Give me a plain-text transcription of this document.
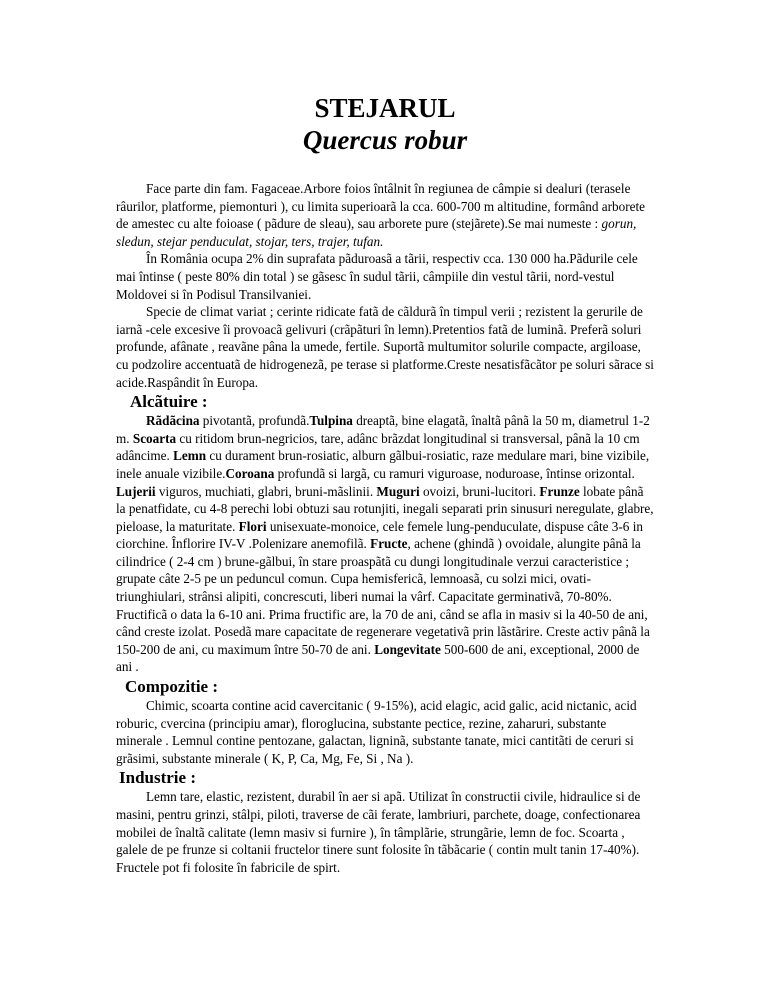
STEJARUL
Quercus robur

Face parte din fam. Fagaceae.Arbore foios întâlnit în regiunea de câmpie si dealuri (terasele râurilor, platforme, piemonturi ), cu limita superioarã la cca. 600-700 m altitudine, formând arborete de amestec cu alte foioase ( pãdure de sleau), sau arborete pure (stejãrete).Se mai numeste : gorun, sledun, stejar penducul​at, stojar, ters, trajer, tufan.

În România ocupa 2% din suprafata pãduroasã a tãrii, respectiv cca. 130 000 ha.Pãdurile cele mai întinse ( peste 80% din total ) se gãsesc în sudul tãrii, câmpiile din vestul tãrii, nord-vestul Moldovei si în Podisul Transilvaniei.

Specie de climat variat ; cerinte ridicate fatã de cãldurã în timpul verii ; rezistent la gerurile de iarnã -cele excesive îi provoacã gelivuri (crãpãturi în lemn).Pretentios fatã de luminã. Preferã soluri profunde, afânate , reavãne pâna la umede, fertile. Suportã multumitor solurile compacte, argiloase, cu podzolire accentuatã de hidrogenezã, pe terase si platforme.Creste nesatisfãcãtor pe soluri sãrace si acide.Raspândit în Europa.

Alcãtuire :

Rãdãcina pivotantã, profundã.Tulpina dreaptã, bine elagatã, înaltã pânã la 50 m, diametrul 1-2 m. Scoarta cu ritidom brun-negricios, tare, adânc brãzdat longitudinal si transversal, pânã la 10 cm adâncime. Lemn cu durament brun-rosiatic, alburn gãlbui-rosiatic, raze medulare mari, bine vizibile, inele anuale vizibile.Coroana profundã si largã, cu ramuri viguroase, noduroase, întinse orizontal. Lujerii viguros, muchiati, glabri, bruni-mãslinii. Muguri ovoizi, bruni-lucitori. Frunze lobate pânã la penatfidate, cu 4-8 perechi lobi obtuzi sau rotunjiti, inegali separati prin sinusuri neregulate, glabre, pieloase, la maturitate. Flori unisexuate-monoice, cele femele lung-penduculate, dispuse câte 3-6 in ciorchine. Înflorire IV-V .Polenizare anemofilã. Fructe, achene (ghindã ) ovoidale, alungite pânã la cilindrice ( 2-4 cm ) brune-gãlbui, în stare proaspãtã cu dungi longitudinale verzui caracteristice ; grupate câte 2-5 pe un peduncul comun. Cupa hemisfericã, lemnoasã, cu solzi mici, ovati-triunghiulari, strânsi alipiti, concrescuti, liberi numai la vârf. Capacitate germinativã, 70-80%. Fructificã o data la 6-10 ani. Prima fructific are, la 70 de ani, când se afla in masiv si la 40-50 de ani, când creste izolat. Posedã mare capacitate de regenerare vegetativã prin lãstãrire. Creste activ pânã la 150-200 de ani, cu maximum între 50-70 de ani. Longevitate 500-600 de ani, exceptional, 2000 de ani .

Compozitie :

Chimic, scoarta contine acid cavercitanic ( 9-15%), acid elagic, acid galic, acid nictanic, acid roburic, cvercina (principiu amar), floroglucina, substante pectice, rezine, zaharuri, substante minerale . Lemnul contine pentozane, galactan, ligninã, substante tanate, mici cantitãti de ceruri si grãsimi, substante minerale ( K, P, Ca, Mg, Fe, Si , Na ).

Industrie :

Lemn tare, elastic, rezistent, durabil în aer si apã. Utilizat în constructii civile, hidraulice si de masini, pentru grinzi, stâlpi, piloti, traverse de cãi ferate, lambriuri, parchete, doage, confectionarea mobilei de înaltã calitate (lemn masiv si furnire ), în tâmplãrie, strungãrie, lemn de foc. Scoarta , galele de pe frunze si coltanii fructelor tinere sunt folosite în tãbãcarie ( contin mult tanin 17-40%). Fructele pot fi folosite în fabricile de spirt.
